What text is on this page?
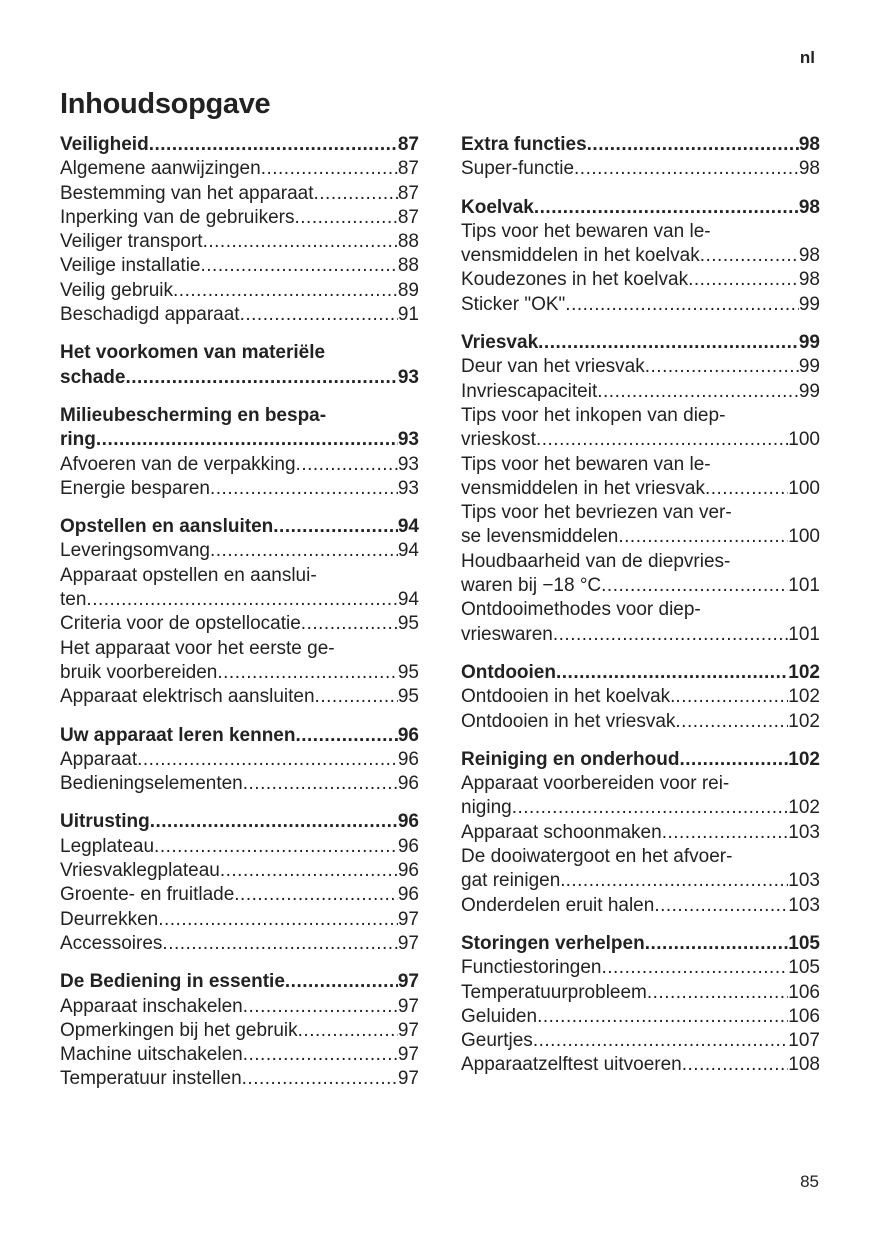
nl
Inhoudsopgave
Veiligheid .....	87
Algemene aanwijzingen .....	87
Bestemming van het apparaat .....	87
Inperking van de gebruikers .....	87
Veiliger transport .....	88
Veilige installatie .....	88
Veilig gebruik .....	89
Beschadigd apparaat .....	91
Het voorkomen van materiële
schade .....	93
Milieubescherming en bespa-
ring .....	93
Afvoeren van de verpakking .....	93
Energie besparen .....	93
Opstellen en aansluiten .....	94
Leveringsomvang .....	94
Apparaat opstellen en aanslui-
ten .....	94
Criteria voor de opstellocatie .....	95
Het apparaat voor het eerste ge-
bruik voorbereiden .....	95
Apparaat elektrisch aansluiten .....	95
Uw apparaat leren kennen .....	96
Apparaat .....	96
Bedieningselementen .....	96
Uitrusting .....	96
Legplateau .....	96
Vriesvaklegplateau .....	96
Groente- en fruitlade .....	96
Deurrekken .....	97
Accessoires .....	97
De Bediening in essentie .....	97
Apparaat inschakelen .....	97
Opmerkingen bij het gebruik .....	97
Machine uitschakelen .....	97
Temperatuur instellen .....	97
Extra functies .....	98
Super-functie .....	98
Koelvak .....	98
Tips voor het bewaren van le-
vensmiddelen in het koelvak .....	98
Koudezones in het koelvak .....	98
Sticker "OK" .....	99
Vriesvak .....	99
Deur van het vriesvak .....	99
Invriescapaciteit .....	99
Tips voor het inkopen van diep-
vrieskost .....	100
Tips voor het bewaren van le-
vensmiddelen in het vriesvak .....	100
Tips voor het bevriezen van ver-
se levensmiddelen .....	100
Houdbaarheid van de diepvries-
waren bij −18 °C .....	101
Ontdooimethodes voor diep-
vrieswaren .....	101
Ontdooien .....	102
Ontdooien in het koelvak. .....	102
Ontdooien in het vriesvak .....	102
Reiniging en onderhoud .....	102
Apparaat voorbereiden voor rei-
niging .....	102
Apparaat schoonmaken .....	103
De dooiwatergoot en het afvoer-
gat reinigen. .....	103
Onderdelen eruit halen .....	103
Storingen verhelpen .....	105
Functiestoringen .....	105
Temperatuurprobleem .....	106
Geluiden .....	106
Geurtjes .....	107
Apparaatzelftest uitvoeren .....	108
85
